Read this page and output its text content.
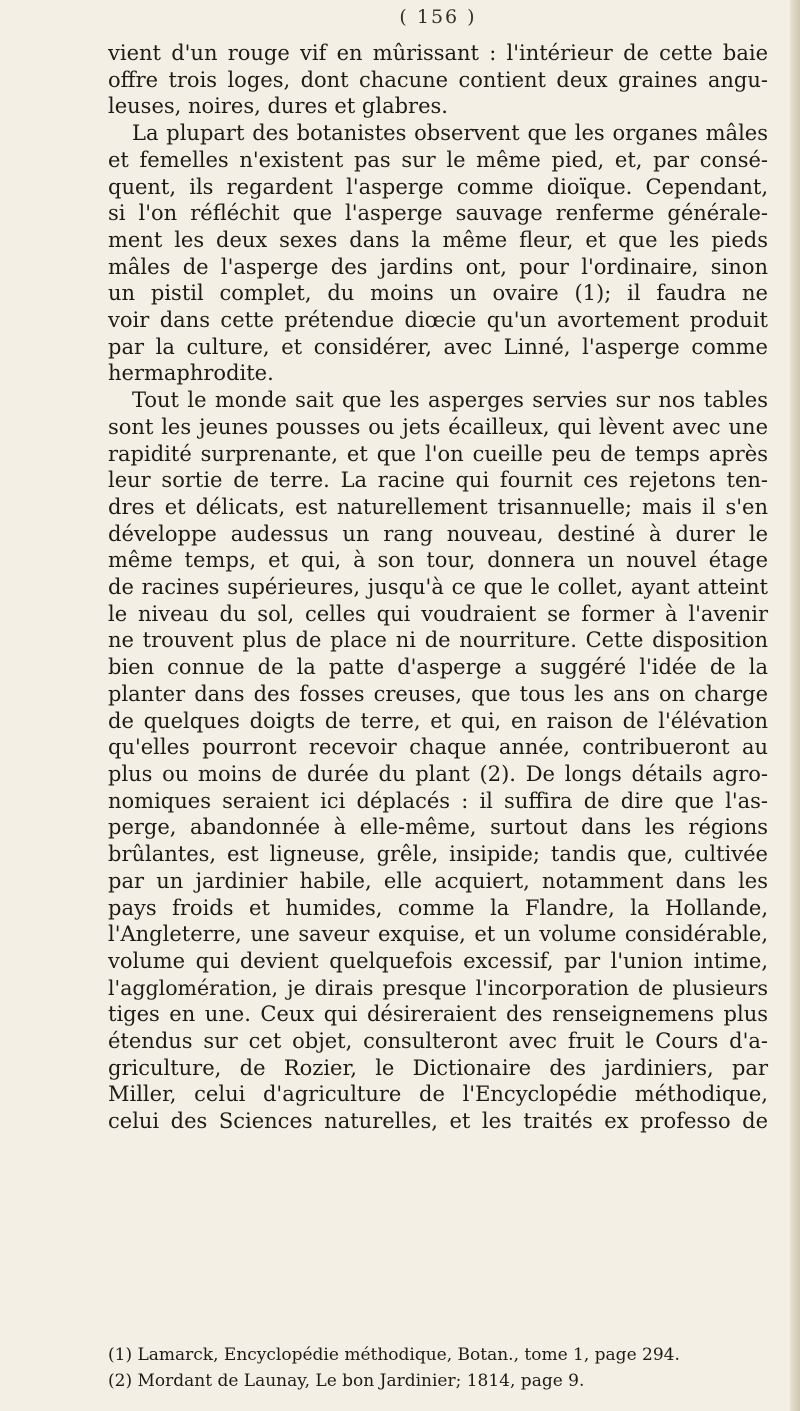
( 156 )

vient d'un rouge vif en mûrissant : l'intérieur de cette baie
offre trois loges, dont chacune contient deux graines angu-
leuses, noires, dures et glabres.

La plupart des botanistes observent que les organes mâles
et femelles n'existent pas sur le même pied, et, par consé-
quent, ils regardent l'asperge comme dioïque. Cependant,
si l'on réfléchit que l'asperge sauvage renferme générale-
ment les deux sexes dans la même fleur, et que les pieds
mâles de l'asperge des jardins ont, pour l'ordinaire, sinon
un pistil complet, du moins un ovaire (1); il faudra ne
voir dans cette prétendue diœcie qu'un avortement produit
par la culture, et considérer, avec Linné, l'asperge comme
hermaphrodite.

Tout le monde sait que les asperges servies sur nos tables
sont les jeunes pousses ou jets écailleux, qui lèvent avec une
rapidité surprenante, et que l'on cueille peu de temps après
leur sortie de terre. La racine qui fournit ces rejetons ten-
dres et délicats, est naturellement trisannuelle; mais il s'en
développe audessus un rang nouveau, destiné à durer le
même temps, et qui, à son tour, donnera un nouvel étage
de racines supérieures, jusqu'à ce que le collet, ayant atteint
le niveau du sol, celles qui voudraient se former à l'avenir
ne trouvent plus de place ni de nourriture. Cette disposition
bien connue de la patte d'asperge a suggéré l'idée de la
planter dans des fosses creuses, que tous les ans on charge
de quelques doigts de terre, et qui, en raison de l'élévation
qu'elles pourront recevoir chaque année, contribueront au
plus ou moins de durée du plant (2). De longs détails agro-
nomiques seraient ici déplacés : il suffira de dire que l'as-
perge, abandonnée à elle-même, surtout dans les régions
brûlantes, est ligneuse, grêle, insipide; tandis que, cultivée
par un jardinier habile, elle acquiert, notamment dans les
pays froids et humides, comme la Flandre, la Hollande,
l'Angleterre, une saveur exquise, et un volume considérable,
volume qui devient quelquefois excessif, par l'union intime,
l'agglomération, je dirais presque l'incorporation de plusieurs
tiges en une. Ceux qui désireraient des renseignemens plus
étendus sur cet objet, consulteront avec fruit le Cours d'a-
griculture, de Rozier, le Dictionaire des jardiniers, par
Miller, celui d'agriculture de l'Encyclopédie méthodique,
celui des Sciences naturelles, et les traités ex professo de

(1) Lamarck, Encyclopédie méthodique, Botan., tome 1, page 294.
(2) Mordant de Launay, Le bon Jardinier; 1814, page 9.
